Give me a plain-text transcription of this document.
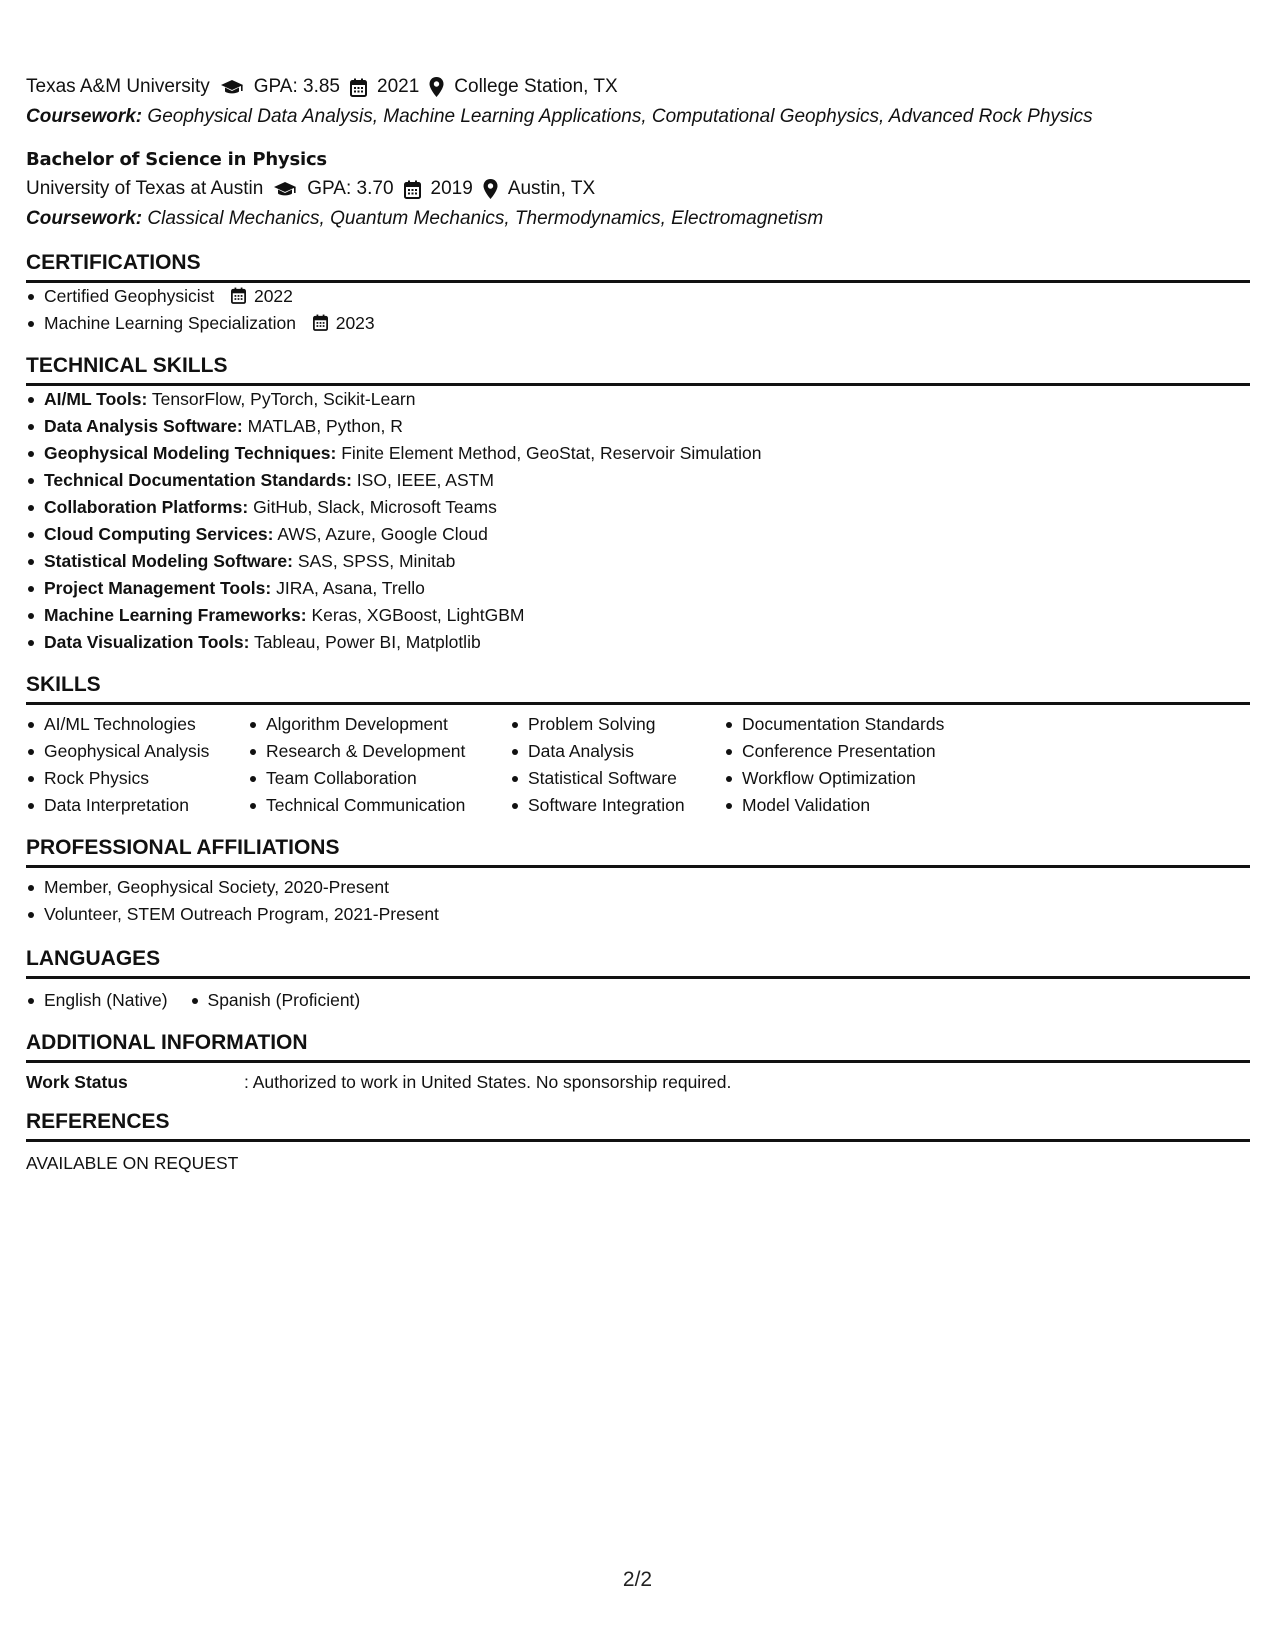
Texas A&M University GPA: 3.85 2021 College Station, TX
Coursework: Geophysical Data Analysis, Machine Learning Applications, Computational Geophysics, Advanced Rock Physics
Bachelor of Science in Physics
University of Texas at Austin GPA: 3.70 2019 Austin, TX
Coursework: Classical Mechanics, Quantum Mechanics, Thermodynamics, Electromagnetism
CERTIFICATIONS
Certified Geophysicist 2022
Machine Learning Specialization 2023
TECHNICAL SKILLS
AI/ML Tools: TensorFlow, PyTorch, Scikit-Learn
Data Analysis Software: MATLAB, Python, R
Geophysical Modeling Techniques: Finite Element Method, GeoStat, Reservoir Simulation
Technical Documentation Standards: ISO, IEEE, ASTM
Collaboration Platforms: GitHub, Slack, Microsoft Teams
Cloud Computing Services: AWS, Azure, Google Cloud
Statistical Modeling Software: SAS, SPSS, Minitab
Project Management Tools: JIRA, Asana, Trello
Machine Learning Frameworks: Keras, XGBoost, LightGBM
Data Visualization Tools: Tableau, Power BI, Matplotlib
SKILLS
AI/ML Technologies
Geophysical Analysis
Rock Physics
Data Interpretation
Algorithm Development
Research & Development
Team Collaboration
Technical Communication
Problem Solving
Data Analysis
Statistical Software
Software Integration
Documentation Standards
Conference Presentation
Workflow Optimization
Model Validation
PROFESSIONAL AFFILIATIONS
Member, Geophysical Society, 2020-Present
Volunteer, STEM Outreach Program, 2021-Present
LANGUAGES
English (Native)	Spanish (Proficient)
ADDITIONAL INFORMATION
Work Status	: Authorized to work in United States. No sponsorship required.
REFERENCES
AVAILABLE ON REQUEST
2/2
